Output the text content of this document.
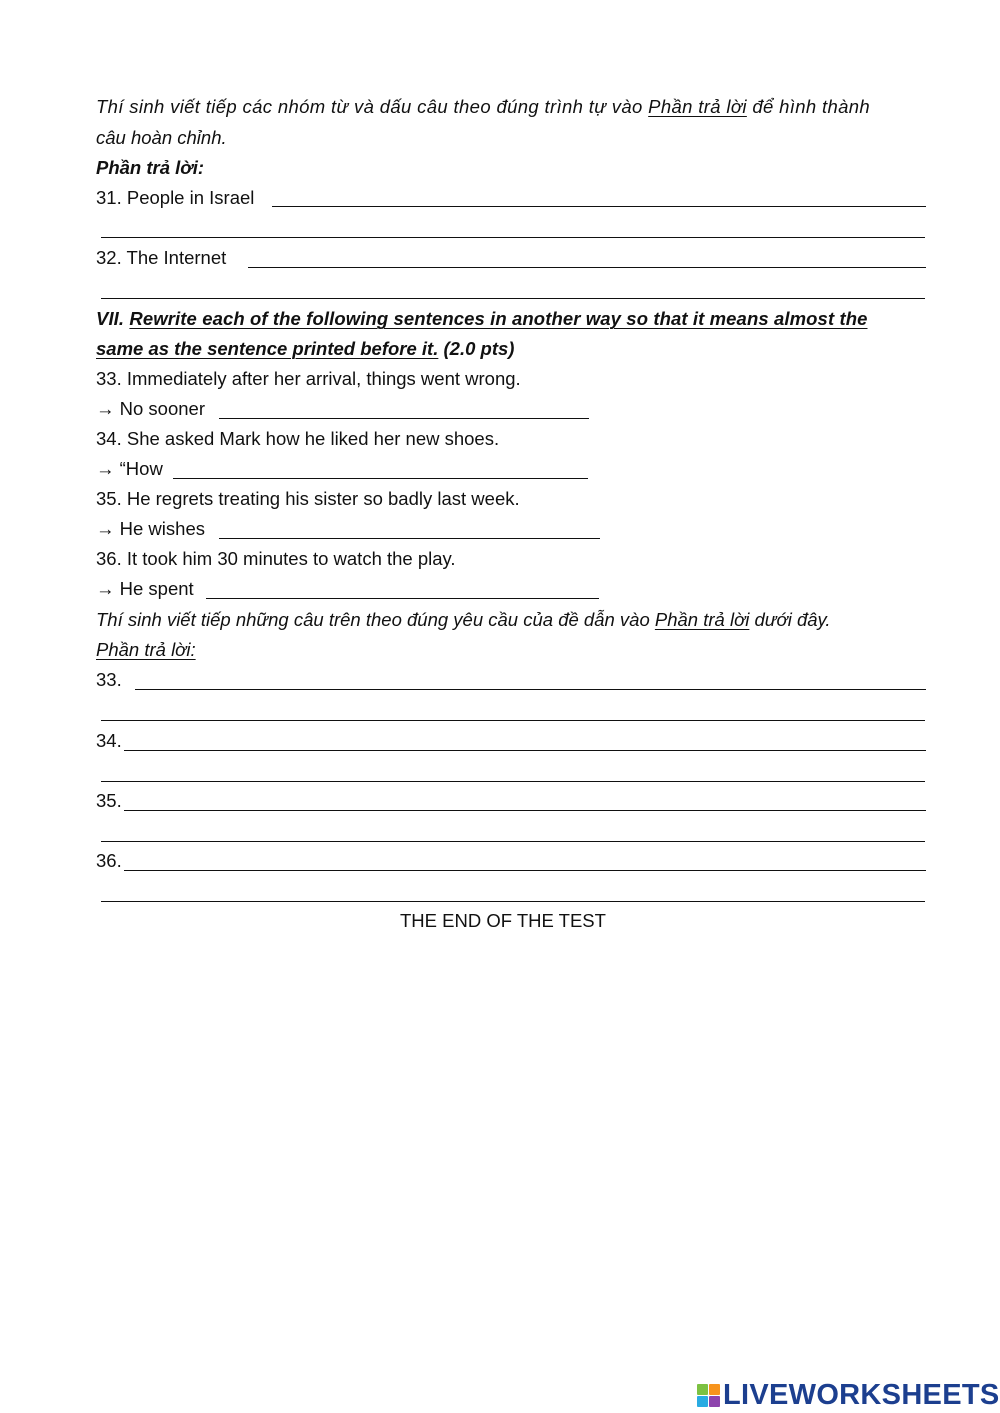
Thí sinh viết tiếp các nhóm từ và dấu câu theo đúng trình tự vào Phần trả lời để hình thành
câu hoàn chỉnh.
Phần trả lời:
31. People in Israel
32. The Internet
VII. Rewrite each of the following sentences in another way so that it means almost the
same as the sentence printed before it. (2.0 pts)
33. Immediately after her arrival, things went wrong.
→ No sooner
34. She asked Mark how he liked her new shoes.
→ “How
35. He regrets treating his sister so badly last week.
→ He wishes
36. It took him 30 minutes to watch the play.
→ He spent
Thí sinh viết tiếp những câu trên theo đúng yêu cầu của đề dẫn vào Phần trả lời dưới đây.
Phần trả lời:
33.
34.
35.
36.
THE END OF THE TEST
LIVEWORKSHEETS
